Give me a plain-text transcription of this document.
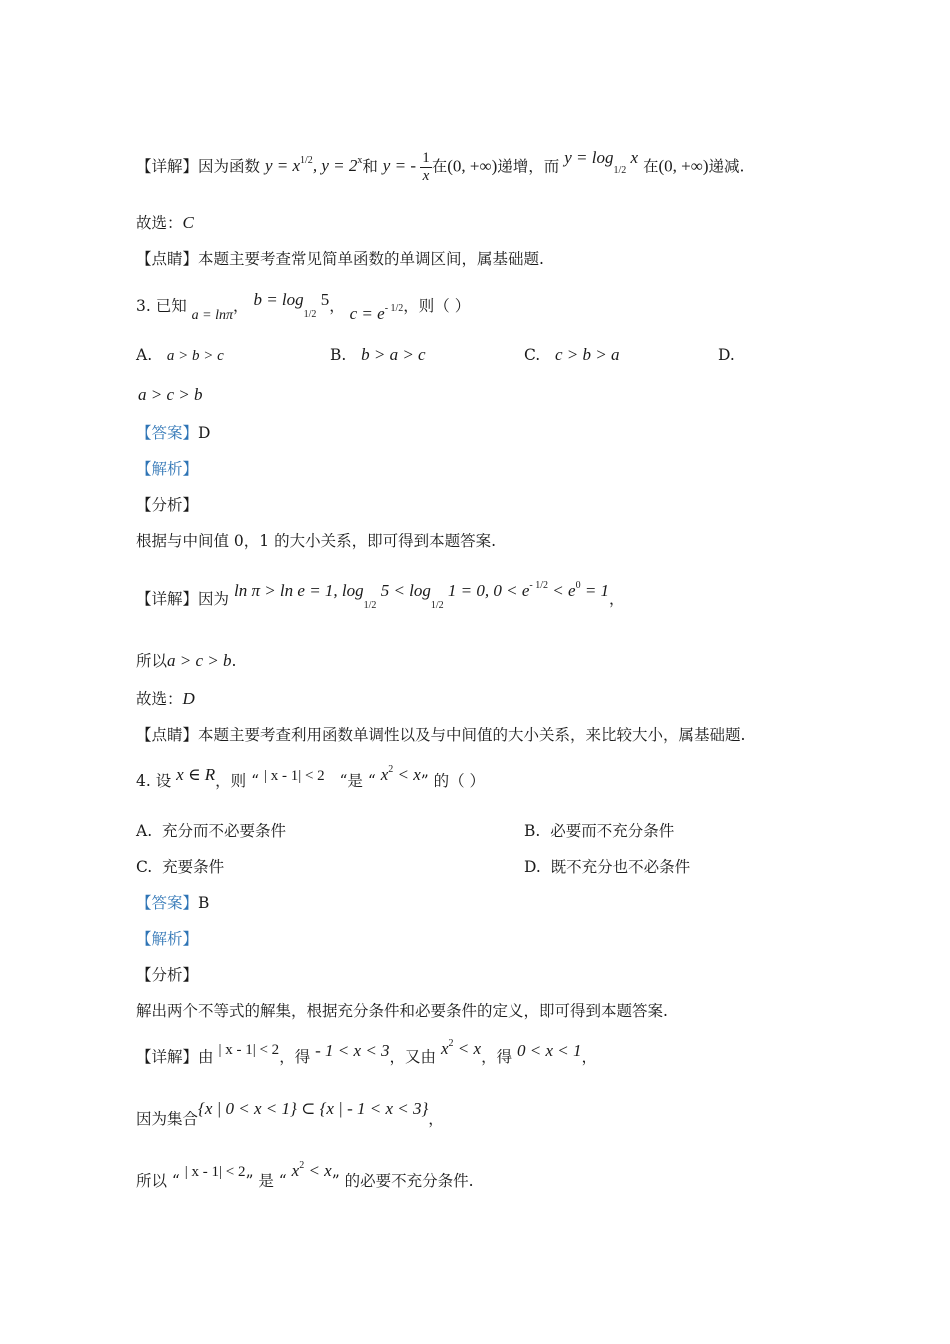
【详解】因为函数 $y = x^{1/2}$, $y = 2^x$和 y = - $\frac{1}{x}$ 在(0, +∞)递增，而 $y = \log_{1/2} x$ 在(0, +∞)递减.
故选：C
【点睛】本题主要考查常见简单函数的单调区间，属基础题.
3. 已知 a = lnπ， $b = \log_{1/2} 5$， $c = e^{- 1/2}$，则（ ）
A. a > b > c	B. b > a > c	C. c > b > a	D.
a > c > b
【答案】D
【解析】
【分析】
根据与中间值 0，1 的大小关系，即可得到本题答案.
【详解】因为 ln π > ln e = 1, $\log_{1/2} 5 < \log_{1/2} 1 = 0$, $0 < e^{- 1/2} < e^0 = 1$，
所以a > c > b.
故选：D
【点睛】本题主要考查利用函数单调性以及与中间值的大小关系，来比较大小，属基础题.
4. 设 x ∈ R，则 “ | x - 1| < 2 “是 “ $x^2 < x$” 的（ ）
A. 充分而不必要条件	B. 必要而不充分条件
C. 充要条件	D. 既不充分也不必条件
【答案】B
【解析】
【分析】
解出两个不等式的解集，根据充分条件和必要条件的定义，即可得到本题答案.
【详解】由 | x - 1| < 2，得 - 1 < x < 3，又由 $x^2 < x$，得 0 < x < 1，
因为集合{x | 0 < x < 1} ⊂ {x | - 1 < x < 3}，
所以 “ | x - 1| < 2” 是 “ $x^2 < x$” 的必要不充分条件.
